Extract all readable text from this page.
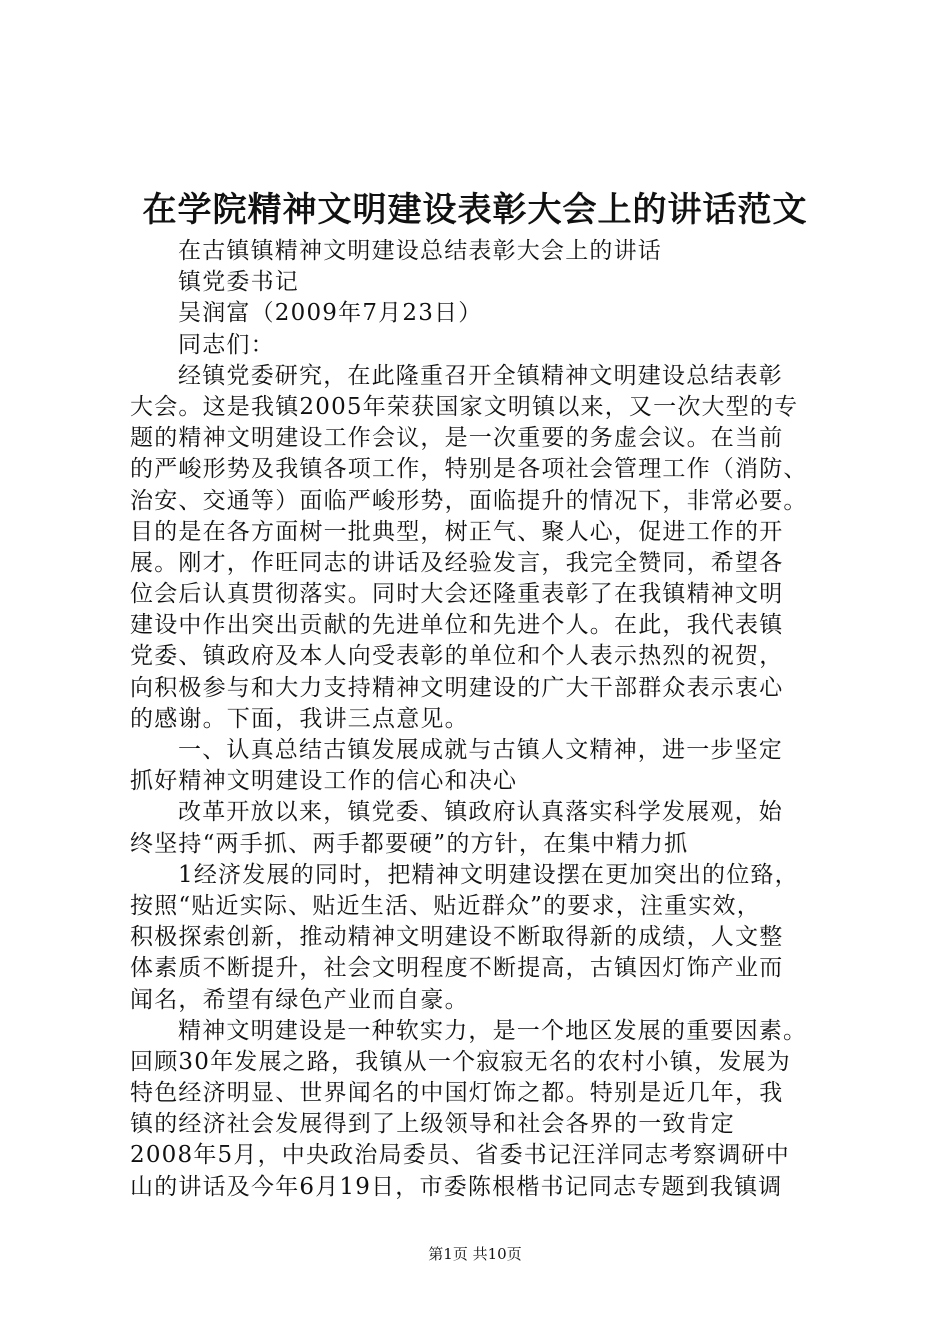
在学院精神文明建设表彰大会上的讲话范文
在古镇镇精神文明建设总结表彰大会上的讲话
镇党委书记
吴润富（2009年7月23日）
同志们：
经镇党委研究，在此隆重召开全镇精神文明建设总结表彰
大会。这是我镇2005年荣获国家文明镇以来，又一次大型的专
题的精神文明建设工作会议，是一次重要的务虚会议。在当前
的严峻形势及我镇各项工作，特别是各项社会管理工作（消防、
治安、交通等）面临严峻形势，面临提升的情况下，非常必要。
目的是在各方面树一批典型，树正气、聚人心，促进工作的开
展。刚才，作旺同志的讲话及经验发言，我完全赞同，希望各
位会后认真贯彻落实。同时大会还隆重表彰了在我镇精神文明
建设中作出突出贡献的先进单位和先进个人。在此，我代表镇
党委、镇政府及本人向受表彰的单位和个人表示热烈的祝贺，
向积极参与和大力支持精神文明建设的广大干部群众表示衷心
的感谢。下面，我讲三点意见。
一、认真总结古镇发展成就与古镇人文精神，进一步坚定
抓好精神文明建设工作的信心和决心
改革开放以来，镇党委、镇政府认真落实科学发展观，始
终坚持“两手抓、两手都要硬”的方针，在集中精力抓
1经济发展的同时，把精神文明建设摆在更加突出的位臵，
按照“贴近实际、贴近生活、贴近群众”的要求，注重实效，
积极探索创新，推动精神文明建设不断取得新的成绩，人文整
体素质不断提升，社会文明程度不断提高，古镇因灯饰产业而
闻名，希望有绿色产业而自豪。
精神文明建设是一种软实力，是一个地区发展的重要因素。
回顾30年发展之路，我镇从一个寂寂无名的农村小镇，发展为
特色经济明显、世界闻名的中国灯饰之都。特别是近几年，我
镇的经济社会发展得到了上级领导和社会各界的一致肯定
2008年5月，中央政治局委员、省委书记汪洋同志考察调研中
山的讲话及今年6月19日，市委陈根楷书记同志专题到我镇调
第1页 共10页
